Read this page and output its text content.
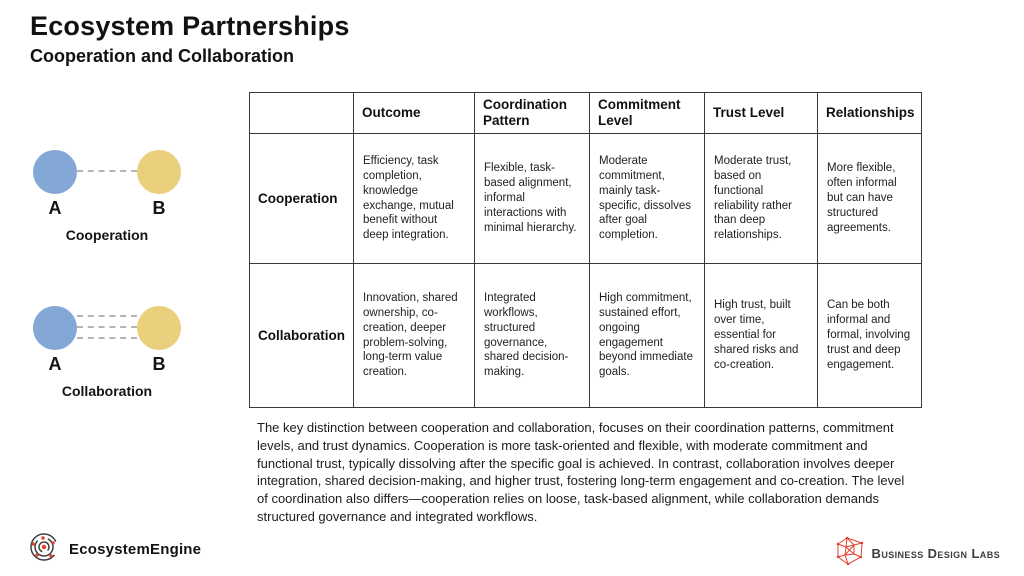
Ecosystem Partnerships
Cooperation and Collaboration
A	B
Cooperation
A	B
Collaboration
	Outcome	Coordination Pattern	Commitment Level	Trust Level	Relationships
Cooperation	Efficiency, task completion, knowledge exchange, mutual benefit without deep integration.	Flexible, task-based alignment, informal interactions with minimal hierarchy.	Moderate commitment, mainly task-specific, dissolves after goal completion.	Moderate trust, based on functional reliability rather than deep relationships.	More flexible, often informal but can have structured agreements.
Collaboration	Innovation, shared ownership, co-creation, deeper problem-solving, long-term value creation.	Integrated workflows, structured governance, shared decision-making.	High commitment, sustained effort, ongoing engagement beyond immediate goals.	High trust, built over time, essential for shared risks and co-creation.	Can be both informal and formal, involving trust and deep engagement.

The key distinction between cooperation and collaboration, focuses on their coordination patterns, commitment levels, and trust dynamics. Cooperation is more task-oriented and flexible, with moderate commitment and functional trust, typically dissolving after the specific goal is achieved. In contrast, collaboration involves deeper integration, shared decision-making, and higher trust, fostering long-term engagement and co-creation. The level of coordination also differs—cooperation relies on loose, task-based alignment, while collaboration demands structured governance and integrated workflows.

EcosystemEngine	Business Design Labs
